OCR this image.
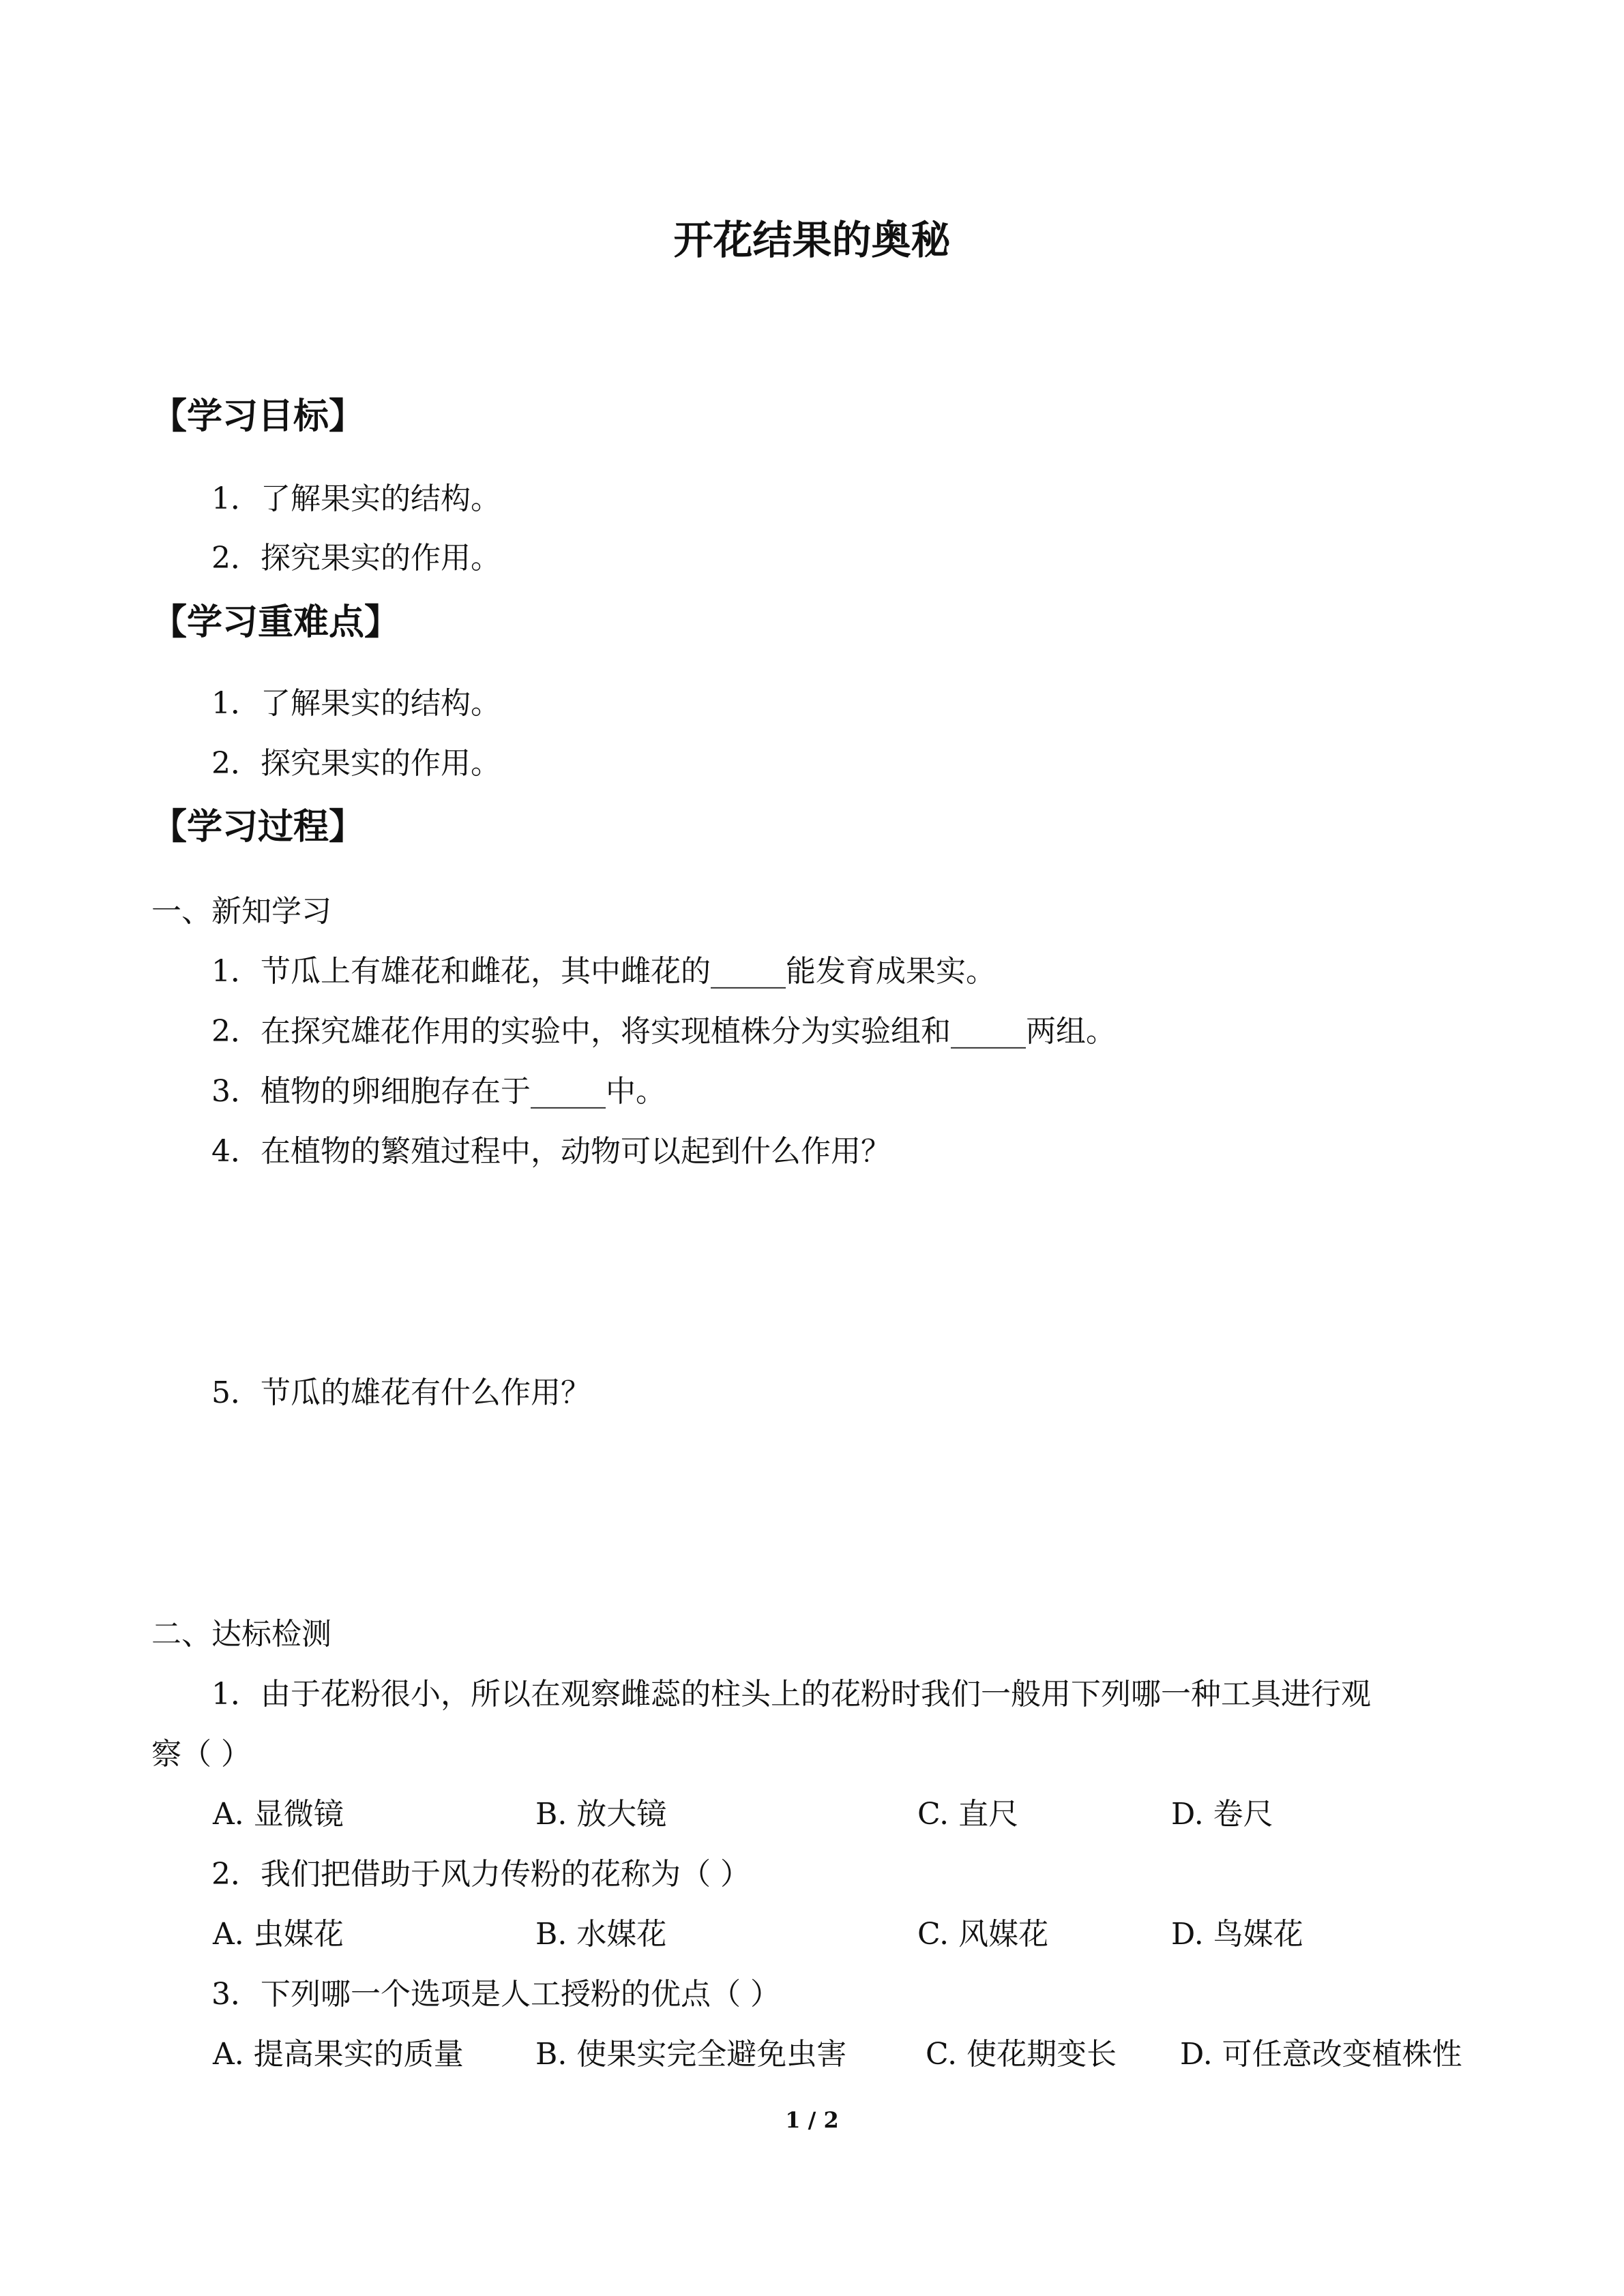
开花结果的奥秘
【学习目标】
1．了解果实的结构。
2．探究果实的作用。
【学习重难点】
1．了解果实的结构。
2．探究果实的作用。
【学习过程】
一、新知学习
1．节瓜上有雄花和雌花，其中雌花的_____能发育成果实。
2．在探究雄花作用的实验中，将实现植株分为实验组和_____两组。
3．植物的卵细胞存在于_____中。
4．在植物的繁殖过程中，动物可以起到什么作用？
5．节瓜的雄花有什么作用？
二、达标检测
1．由于花粉很小，所以在观察雌蕊的柱头上的花粉时我们一般用下列哪一种工具进行观
察（ ）
A. 显微镜	B. 放大镜	C. 直尺	D. 卷尺
2．我们把借助于风力传粉的花称为（ ）
A. 虫媒花	B. 水媒花	C. 风媒花	D. 鸟媒花
3．下列哪一个选项是人工授粉的优点（ ）
A. 提高果实的质量 B. 使果实完全避免虫害	C. 使花期变长 D. 可任意改变植株性
1 / 2
